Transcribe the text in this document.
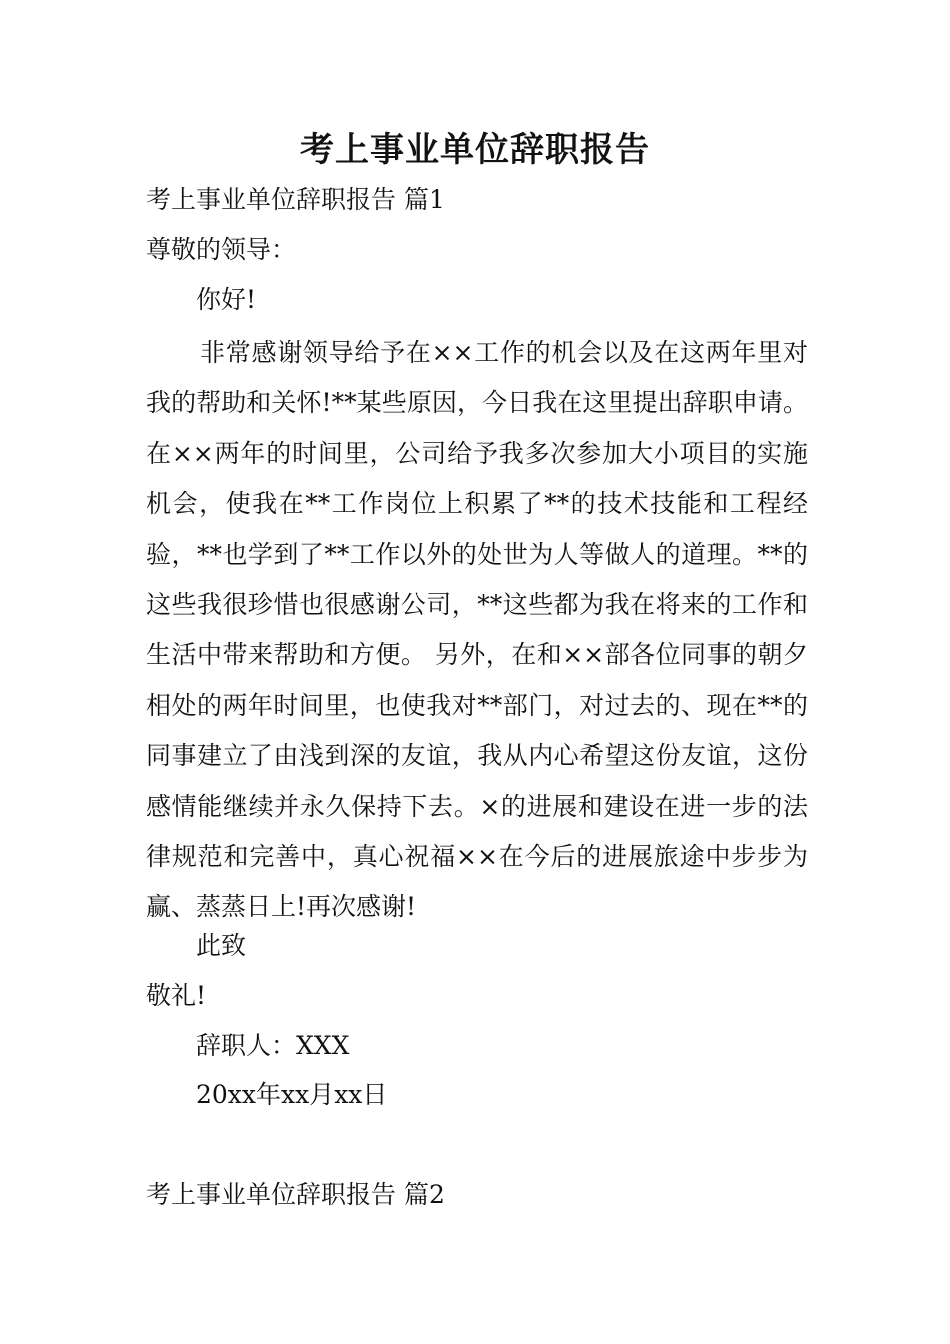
考上事业单位辞职报告
考上事业单位辞职报告 篇1
尊敬的领导：
你好!
非常感谢领导给予在××工作的机会以及在这两年里对我的帮助和关怀!**某些原因，今日我在这里提出辞职申请。在××两年的时间里，公司给予我多次参加大小项目的实施机会，使我在**工作岗位上积累了**的技术技能和工程经验，**也学到了**工作以外的处世为人等做人的道理。**的这些我很珍惜也很感谢公司，**这些都为我在将来的工作和生活中带来帮助和方便。 另外，在和××部各位同事的朝夕相处的两年时间里，也使我对**部门，对过去的、现在**的同事建立了由浅到深的友谊，我从内心希望这份友谊，这份感情能继续并永久保持下去。×的进展和建设在进一步的法律规范和完善中，真心祝福××在今后的进展旅途中步步为赢、蒸蒸日上!再次感谢!
此致
敬礼!
辞职人：XXX
20xx年xx月xx日
考上事业单位辞职报告 篇2
